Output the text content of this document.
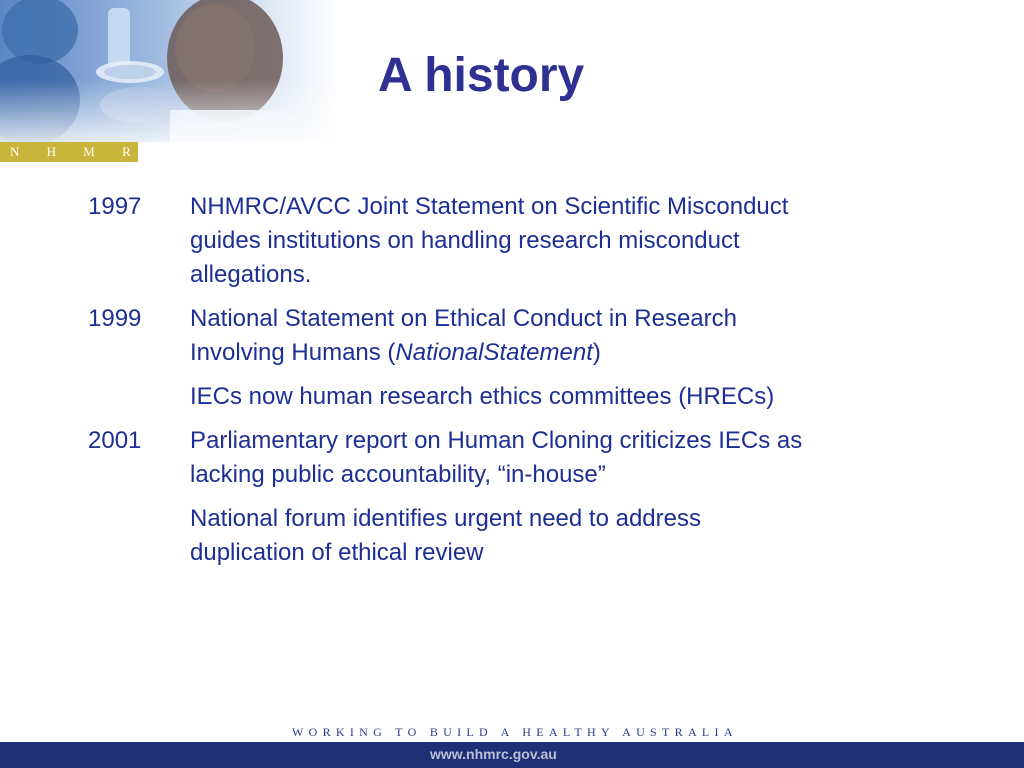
N H M R C
A history
1997	NHMRC/AVCC Joint Statement on Scientific Misconduct guides institutions on handling research misconduct allegations.
1999	National Statement on Ethical Conduct in Research Involving Humans (NationalStatement)
IECs now human research ethics committees (HRECs)
2001	Parliamentary report on Human Cloning criticizes IECs as lacking public accountability, “in-house”
National forum identifies urgent need to address duplication of ethical review
WORKING TO BUILD A HEALTHY AUSTRALIA
www.nhmrc.gov.au
